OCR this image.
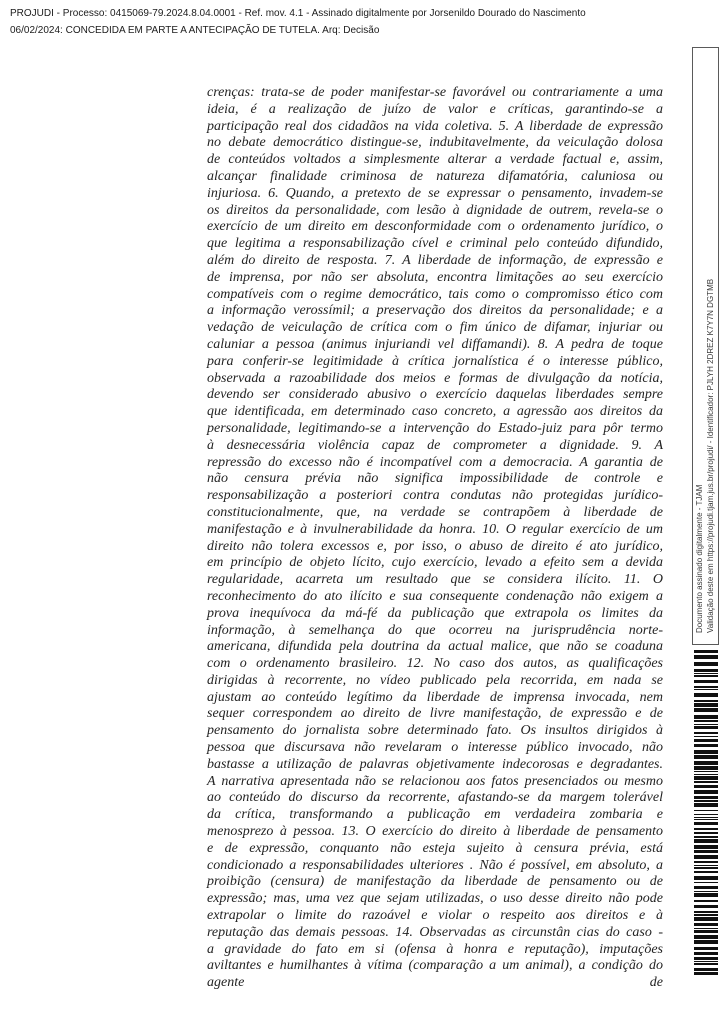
PROJUDI - Processo: 0415069-79.2024.8.04.0001 - Ref. mov. 4.1 - Assinado digitalmente por Jorsenildo Dourado do Nascimento
06/02/2024: CONCEDIDA EM PARTE A ANTECIPAÇÃO DE TUTELA. Arq: Decisão
crenças: trata-se de poder manifestar-se favorável ou contrariamente a uma ideia, é a realização de juízo de valor e críticas, garantindo-se a participação real dos cidadãos na vida coletiva. 5. A liberdade de expressão no debate democrático distingue-se, indubitavelmente, da veiculação dolosa de conteúdos voltados a simplesmente alterar a verdade factual e, assim, alcançar finalidade criminosa de natureza difamatória, caluniosa ou injuriosa. 6. Quando, a pretexto de se expressar o pensamento, invadem-se os direitos da personalidade, com lesão à dignidade de outrem, revela-se o exercício de um direito em desconformidade com o ordenamento jurídico, o que legitima a responsabilização cível e criminal pelo conteúdo difundido, além do direito de resposta. 7. A liberdade de informação, de expressão e de imprensa, por não ser absoluta, encontra limitações ao seu exercício compatíveis com o regime democrático, tais como o compromisso ético com a informação verossímil; a preservação dos direitos da personalidade; e a vedação de veiculação de crítica com o fim único de difamar, injuriar ou caluniar a pessoa (animus injuriandi vel diffamandi). 8. A pedra de toque para conferir-se legitimidade à crítica jornalística é o interesse público, observada a razoabilidade dos meios e formas de divulgação da notícia, devendo ser considerado abusivo o exercício daquelas liberdades sempre que identificada, em determinado caso concreto, a agressão aos direitos da personalidade, legitimando-se a intervenção do Estado-juiz para pôr termo à desnecessária violência capaz de comprometer a dignidade. 9. A repressão do excesso não é incompatível com a democracia. A garantia de não censura prévia não significa impossibilidade de controle e responsabilização a posteriori contra condutas não protegidas jurídico-constitucionalmente, que, na verdade se contrapõem à liberdade de manifestação e à invulnerabilidade da honra. 10. O regular exercício de um direito não tolera excessos e, por isso, o abuso de direito é ato jurídico, em princípio de objeto lícito, cujo exercício, levado a efeito sem a devida regularidade, acarreta um resultado que se considera ilícito. 11. O reconhecimento do ato ilícito e sua consequente condenação não exigem a prova inequívoca da má-fé da publicação que extrapola os limites da informação, à semelhança do que ocorreu na jurisprudência norte-americana, difundida pela doutrina da actual malice, que não se coaduna com o ordenamento brasileiro. 12. No caso dos autos, as qualificações dirigidas à recorrente, no vídeo publicado pela recorrida, em nada se ajustam ao conteúdo legítimo da liberdade de imprensa invocada, nem sequer correspondem ao direito de livre manifestação, de expressão e de pensamento do jornalista sobre determinado fato. Os insultos dirigidos à pessoa que discursava não revelaram o interesse público invocado, não bastasse a utilização de palavras objetivamente indecorosas e degradantes. A narrativa apresentada não se relacionou aos fatos presenciados ou mesmo ao conteúdo do discurso da recorrente, afastando-se da margem tolerável da crítica, transformando a publicação em verdadeira zombaria e menosprezo à pessoa. 13. O exercício do direito à liberdade de pensamento e de expressão, conquanto não esteja sujeito à censura prévia, está condicionado a responsabilidades ulteriores . Não é possível, em absoluto, a proibição (censura) de manifestação da liberdade de pensamento ou de expressão; mas, uma vez que sejam utilizadas, o uso desse direito não pode extrapolar o limite do razoável e violar o respeito aos direitos e à reputação das demais pessoas. 14. Observadas as circunstân cias do caso - a gravidade do fato em si (ofensa à honra e reputação), imputações aviltantes e humilhantes à vítima (comparação a um animal), a condição do agente de
Documento assinado digitalmente - TJAM Validação deste em https://projudi.tjam.jus.br/projudi/ - Identificador: PJLYH 2DREZ K7Y7N DGTMB
